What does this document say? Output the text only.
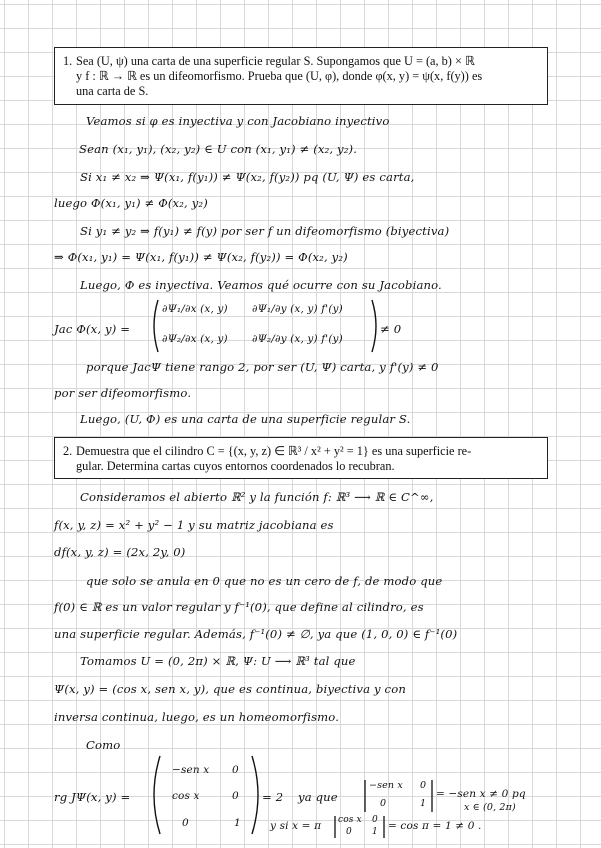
1. Sea (U, ψ) una carta de una superficie regular S. Supongamos que U = (a, b) × ℝ
y f : ℝ → ℝ es un difeomorfismo. Prueba que (U, φ), donde φ(x, y) = ψ(x, f(y)) es
una carta de S.
Veamos si φ es inyectiva y con Jacobiano inyectivo
Sean (x₁, y₁), (x₂, y₂) ∈ U con (x₁, y₁) ≠ (x₂, y₂).
Si x₁ ≠ x₂ ⇒ Ψ(x₁, f(y₁)) ≠ Ψ(x₂, f(y₂)) pq (U, Ψ) es carta,
luego Φ(x₁, y₁) ≠ Φ(x₂, y₂)
Si y₁ ≠ y₂ ⇒ f(y₁) ≠ f(y) por ser f un difeomorfismo (biyectiva)
⇒ Φ(x₁, y₁) = Ψ(x₁, f(y₁)) ≠ Ψ(x₂, f(y₂)) = Φ(x₂, y₂)
Luego, Φ es inyectiva. Veamos qué ocurre con su Jacobiano.
Jac Φ(x, y) =
∂Ψ₁/∂x (x, y) ∂Ψ₁/∂y (x, y) f'(y)
∂Ψ₂/∂x (x, y) ∂Ψ₂/∂y (x, y) f'(y)
≠ 0
porque JacΨ tiene rango 2, por ser (U, Ψ) carta, y f'(y) ≠ 0
por ser difeomorfismo.
Luego, (U, Φ) es una carta de una superficie regular S.
2. Demuestra que el cilindro C = {(x, y, z) ∈ ℝ³ / x² + y² = 1} es una superficie re-
gular. Determina cartas cuyos entornos coordenados lo recubran.
Consideramos el abierto ℝ² y la función f: ℝ³ ⟶ ℝ ∈ C^∞,
f(x, y, z) = x² + y² − 1 y su matriz jacobiana es
df(x, y, z) = (2x, 2y, 0)
que solo se anula en 0 que no es un cero de f, de modo que
f(0) ∈ ℝ es un valor regular y f⁻¹(0), que define al cilindro, es
una superficie regular. Además, f⁻¹(0) ≠ ∅, ya que (1, 0, 0) ∈ f⁻¹(0)
Tomamos U = (0, 2π) × ℝ, Ψ: U ⟶ ℝ³ tal que
Ψ(x, y) = (cos x, sen x, y), que es continua, biyectiva y con
inversa continua, luego, es un homeomorfismo.
Como
rg JΨ(x, y) =
−sen x 0
cos x	0
0	1
= 2 ya que
−sen x 0
0	1
= −sen x ≠ 0 pq
x ∈ (0, 2π)
y si x = π cos x 0
0 1 = cos π = 1 ≠ 0 .
